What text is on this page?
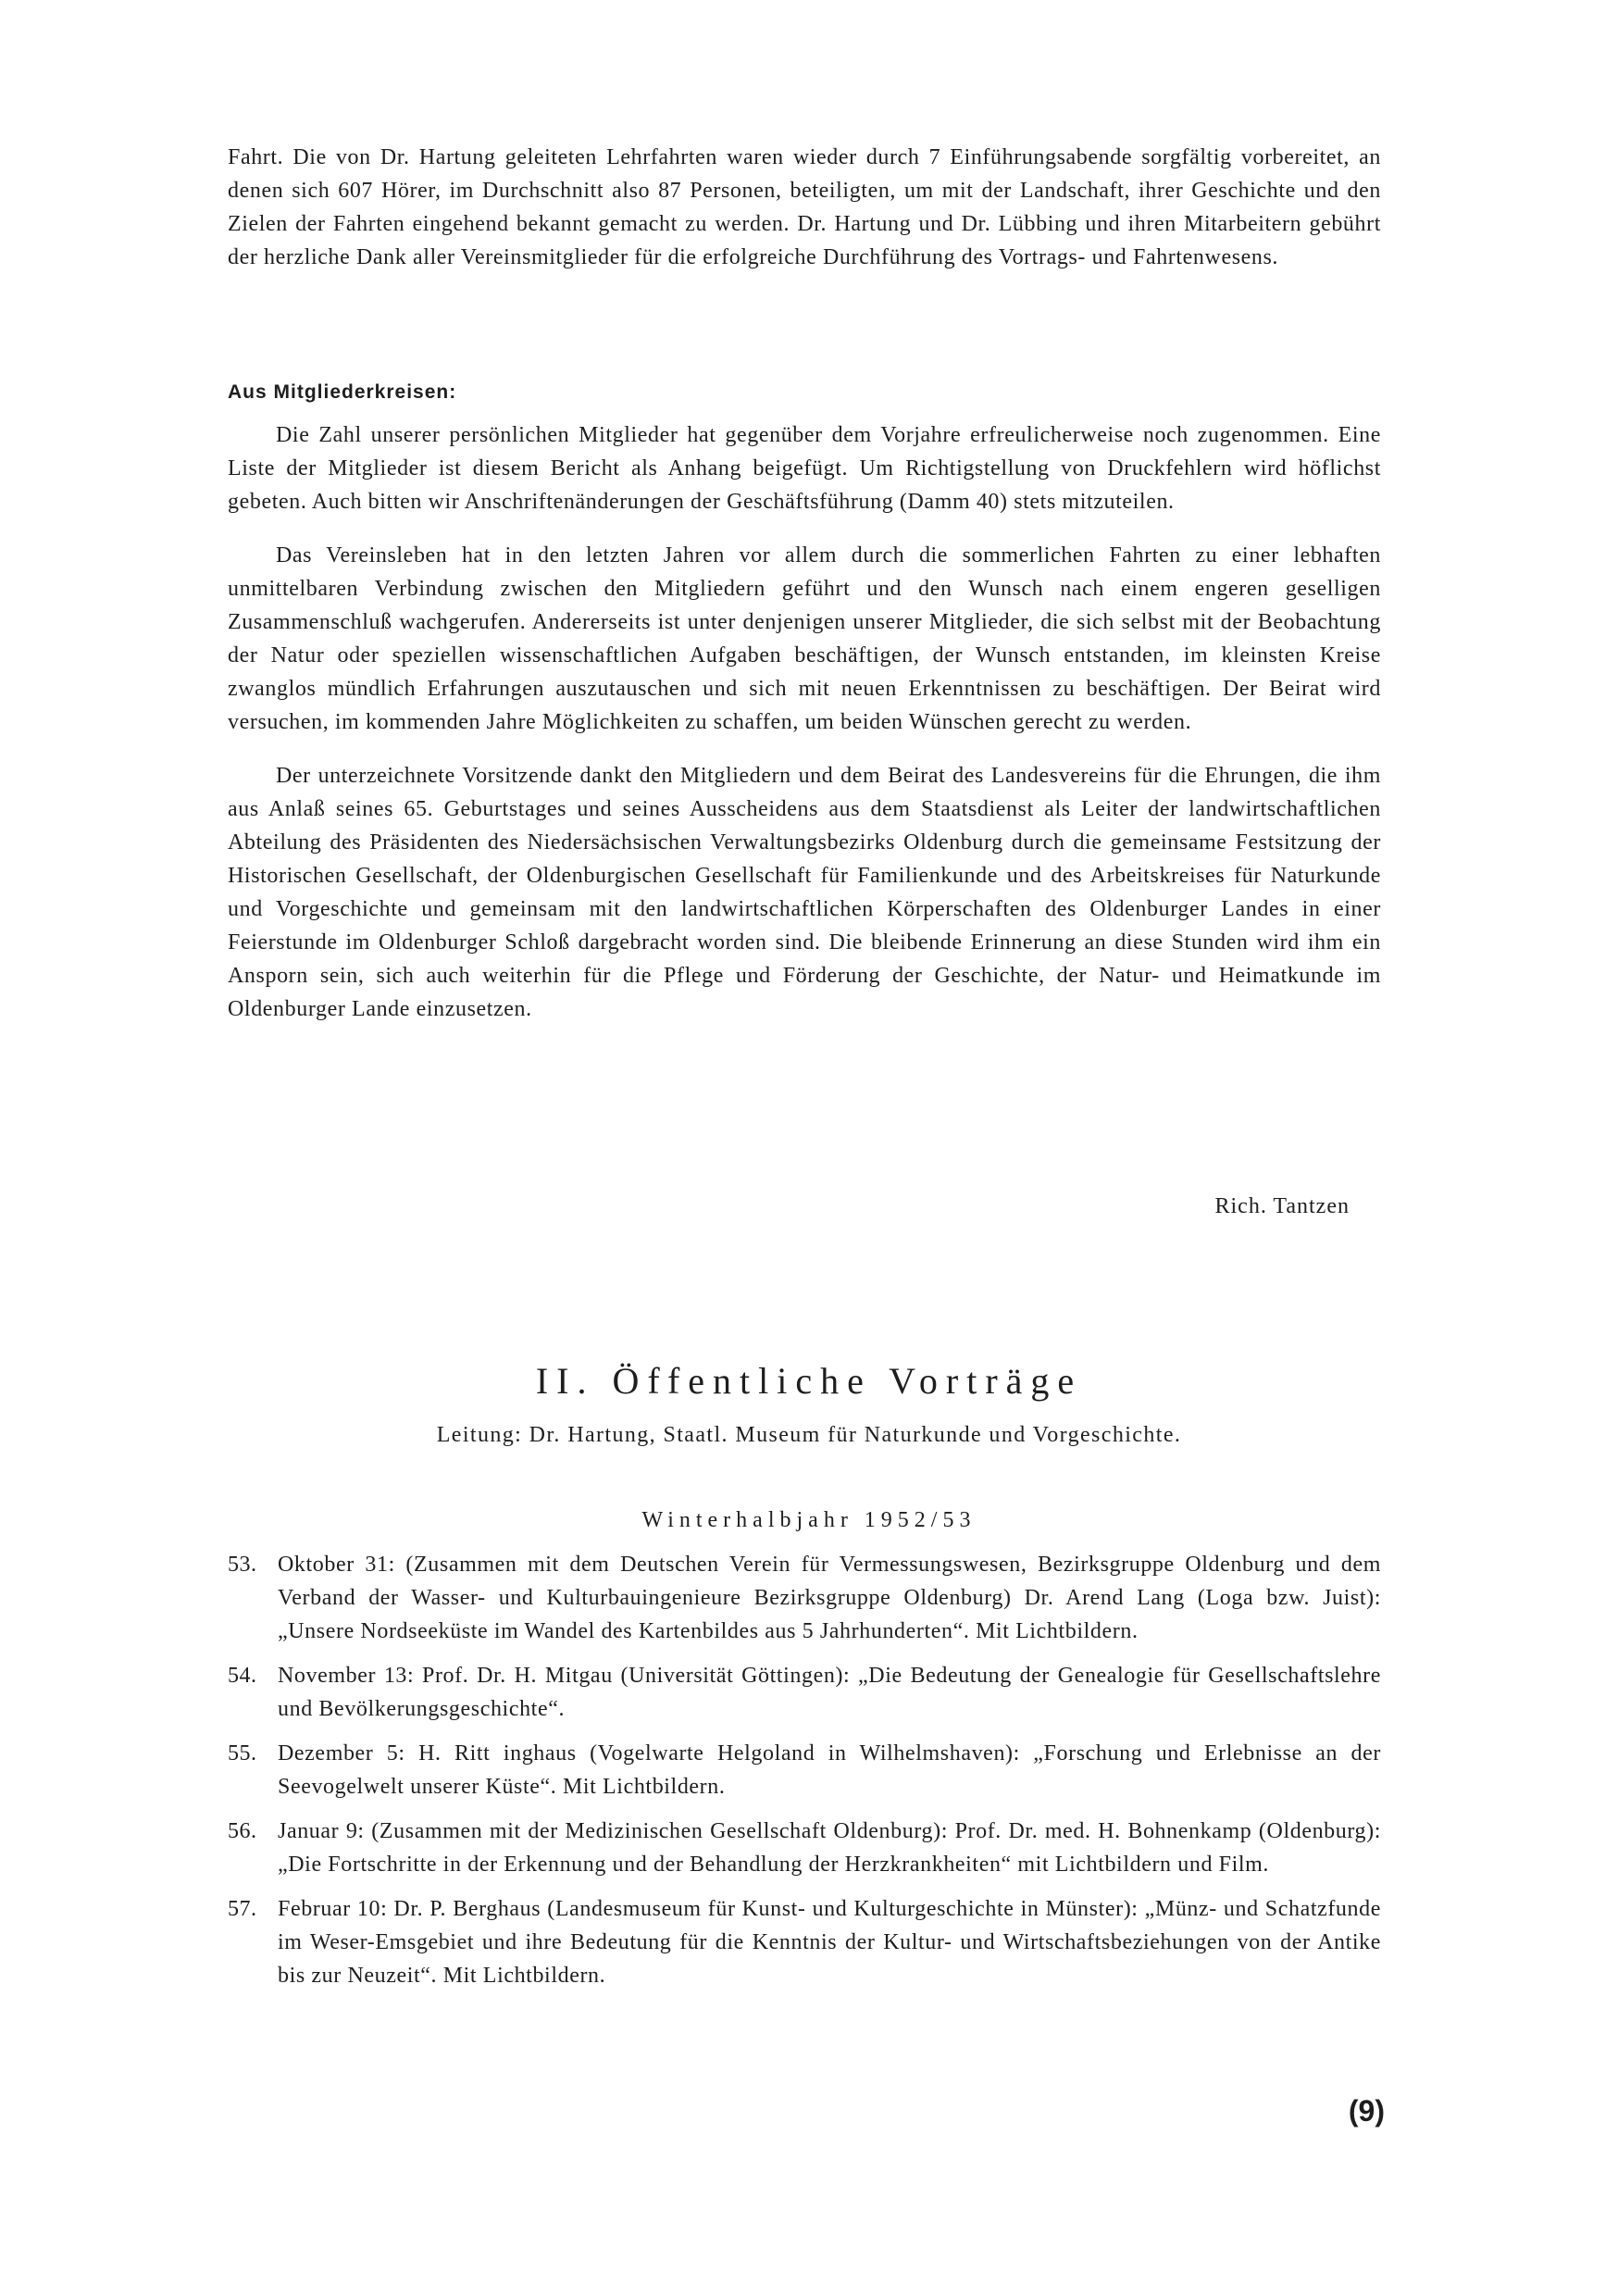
Fahrt. Die von Dr. Hartung geleiteten Lehrfahrten waren wieder durch 7 Einführungsabende sorgfältig vorbereitet, an denen sich 607 Hörer, im Durchschnitt also 87 Personen, beteiligten, um mit der Landschaft, ihrer Geschichte und den Zielen der Fahrten eingehend bekannt gemacht zu werden. Dr. Hartung und Dr. Lübbing und ihren Mitarbeitern gebührt der herzliche Dank aller Vereinsmitglieder für die erfolgreiche Durchführung des Vortrags- und Fahrtenwesens.

Aus Mitgliederkreisen:

Die Zahl unserer persönlichen Mitglieder hat gegenüber dem Vorjahre erfreulicherweise noch zugenommen. Eine Liste der Mitglieder ist diesem Bericht als Anhang beigefügt. Um Richtigstellung von Druckfehlern wird höflichst gebeten. Auch bitten wir Anschriftenänderungen der Geschäftsführung (Damm 40) stets mitzuteilen.

Das Vereinsleben hat in den letzten Jahren vor allem durch die sommerlichen Fahrten zu einer lebhaften unmittelbaren Verbindung zwischen den Mitgliedern geführt und den Wunsch nach einem engeren geselligen Zusammenschluß wachgerufen. Andererseits ist unter denjenigen unserer Mitglieder, die sich selbst mit der Beobachtung der Natur oder speziellen wissenschaftlichen Aufgaben beschäftigen, der Wunsch entstanden, im kleinsten Kreise zwanglos mündlich Erfahrungen auszutauschen und sich mit neuen Erkenntnissen zu beschäftigen. Der Beirat wird versuchen, im kommenden Jahre Möglichkeiten zu schaffen, um beiden Wünschen gerecht zu werden.

Der unterzeichnete Vorsitzende dankt den Mitgliedern und dem Beirat des Landesvereins für die Ehrungen, die ihm aus Anlaß seines 65. Geburtstages und seines Ausscheidens aus dem Staatsdienst als Leiter der landwirtschaftlichen Abteilung des Präsidenten des Niedersächsischen Verwaltungsbezirks Oldenburg durch die gemeinsame Festsitzung der Historischen Gesellschaft, der Oldenburgischen Gesellschaft für Familienkunde und des Arbeitskreises für Naturkunde und Vorgeschichte und gemeinsam mit den landwirtschaftlichen Körperschaften des Oldenburger Landes in einer Feierstunde im Oldenburger Schloß dargebracht worden sind. Die bleibende Erinnerung an diese Stunden wird ihm ein Ansporn sein, sich auch weiterhin für die Pflege und Förderung der Geschichte, der Natur- und Heimatkunde im Oldenburger Lande einzusetzen.

Rich. Tantzen

II. Öffentliche Vorträge

Leitung: Dr. Hartung, Staatl. Museum für Naturkunde und Vorgeschichte.

Winterhalbjahr 1952/53

53. Oktober 31: (Zusammen mit dem Deutschen Verein für Vermessungswesen, Bezirksgruppe Oldenburg und dem Verband der Wasser- und Kulturbauingenieure Bezirksgruppe Oldenburg) Dr. Arend Lang (Loga bzw. Juist): „Unsere Nordseeküste im Wandel des Kartenbildes aus 5 Jahrhunderten“. Mit Lichtbildern.
54. November 13: Prof. Dr. H. Mitgau (Universität Göttingen): „Die Bedeutung der Genealogie für Gesellschaftslehre und Bevölkerungsgeschichte“.
55. Dezember 5: H. Ritt inghaus (Vogelwarte Helgoland in Wilhelmshaven): „Forschung und Erlebnisse an der Seevogelwelt unserer Küste“. Mit Lichtbildern.
56. Januar 9: (Zusammen mit der Medizinischen Gesellschaft Oldenburg): Prof. Dr. med. H. Bohnenkamp (Oldenburg): „Die Fortschritte in der Erkennung und der Behandlung der Herzkrankheiten“ mit Lichtbildern und Film.
57. Februar 10: Dr. P. Berghaus (Landesmuseum für Kunst- und Kulturgeschichte in Münster): „Münz- und Schatzfunde im Weser-Emsgebiet und ihre Bedeutung für die Kenntnis der Kultur- und Wirtschaftsbeziehungen von der Antike bis zur Neuzeit“. Mit Lichtbildern.

(9)
